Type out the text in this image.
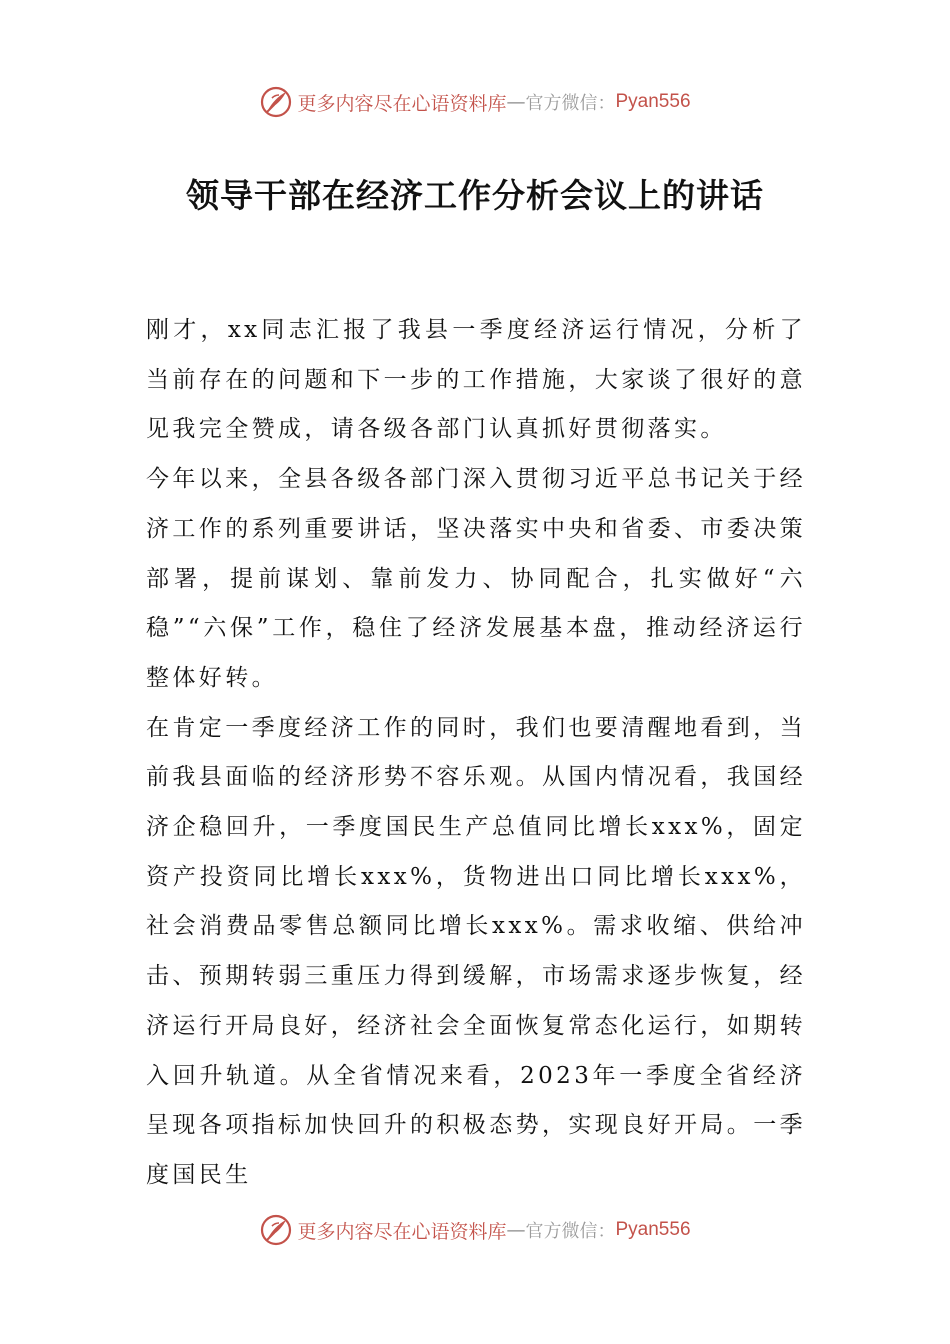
更多内容尽在心语资料库 — 官方微信： Pyan556
领导干部在经济工作分析会议上的讲话

刚才，xx同志汇报了我县一季度经济运行情况，分析了当前存在的问题和下一步的工作措施，大家谈了很好的意见我完全赞成，请各级各部门认真抓好贯彻落实。

今年以来，全县各级各部门深入贯彻习近平总书记关于经济工作的系列重要讲话，坚决落实中央和省委、市委决策部署，提前谋划、靠前发力、协同配合，扎实做好“六稳”“六保”工作，稳住了经济发展基本盘，推动经济运行整体好转。

在肯定一季度经济工作的同时，我们也要清醒地看到，当前我县面临的经济形势不容乐观。从国内情况看，我国经济企稳回升，一季度国民生产总值同比增长xxx%，固定资产投资同比增长xxx%，货物进出口同比增长xxx%，社会消费品零售总额同比增长xxx%。需求收缩、供给冲击、预期转弱三重压力得到缓解，市场需求逐步恢复，经济运行开局良好，经济社会全面恢复常态化运行，如期转入回升轨道。从全省情况来看，2023年一季度全省经济呈现各项指标加快回升的积极态势，实现良好开局。一季度国民生

更多内容尽在心语资料库 — 官方微信： Pyan556
